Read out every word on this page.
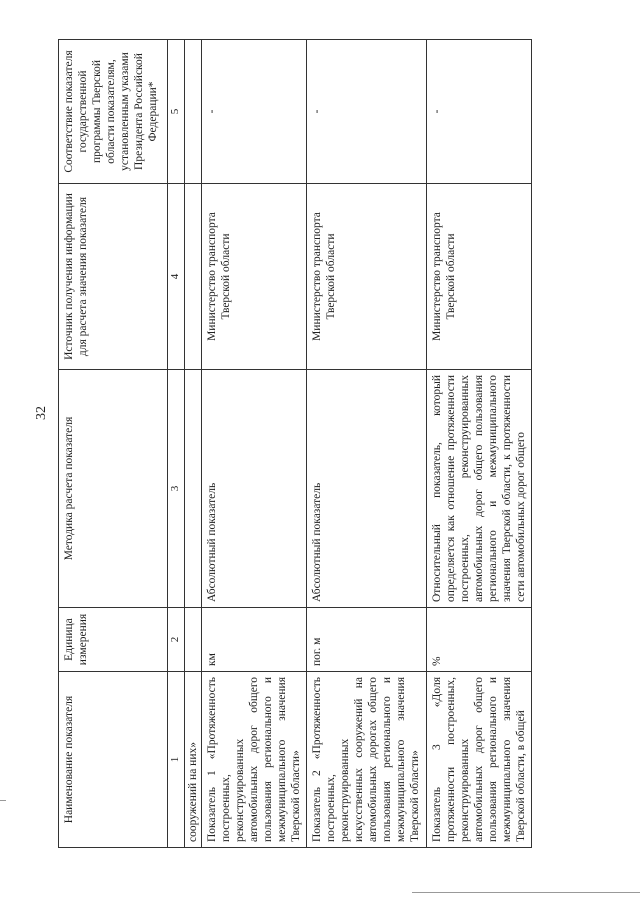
32
Наименование показателя	Единица измерения	Методика расчета показателя	Источник получения информации для расчета значения показателя	Соответствие показателя государственной программы Тверской области показателям, установленным указами Президента Российской Федерации*
1	2	3	4	5
сооружений на них»				
Показатель 1 «Протяженность построенных, реконструированных автомобильных дорог общего пользования регионального и межмуниципального значения Тверской области»	км	Абсолютный показатель	Министерство транспорта Тверской области	-
Показатель 2 «Протяженность построенных, реконструированных искусственных сооружений на автомобильных дорогах общего пользования регионального и межмуниципального значения Тверской области»	пог. м	Абсолютный показатель	Министерство транспорта Тверской области	-
Показатель 3 «Доля протяженности построенных, реконструированных автомобильных дорог общего пользования регионального и межмуниципального значения Тверской области, в общей	%	Относительный показатель, который определяется как отношение протяженности построенных, реконструированных автомобильных дорог общего пользования регионального и межмуниципального значения Тверской области, к протяженности сети автомобильных дорог общего	Министерство транспорта Тверской области	-
